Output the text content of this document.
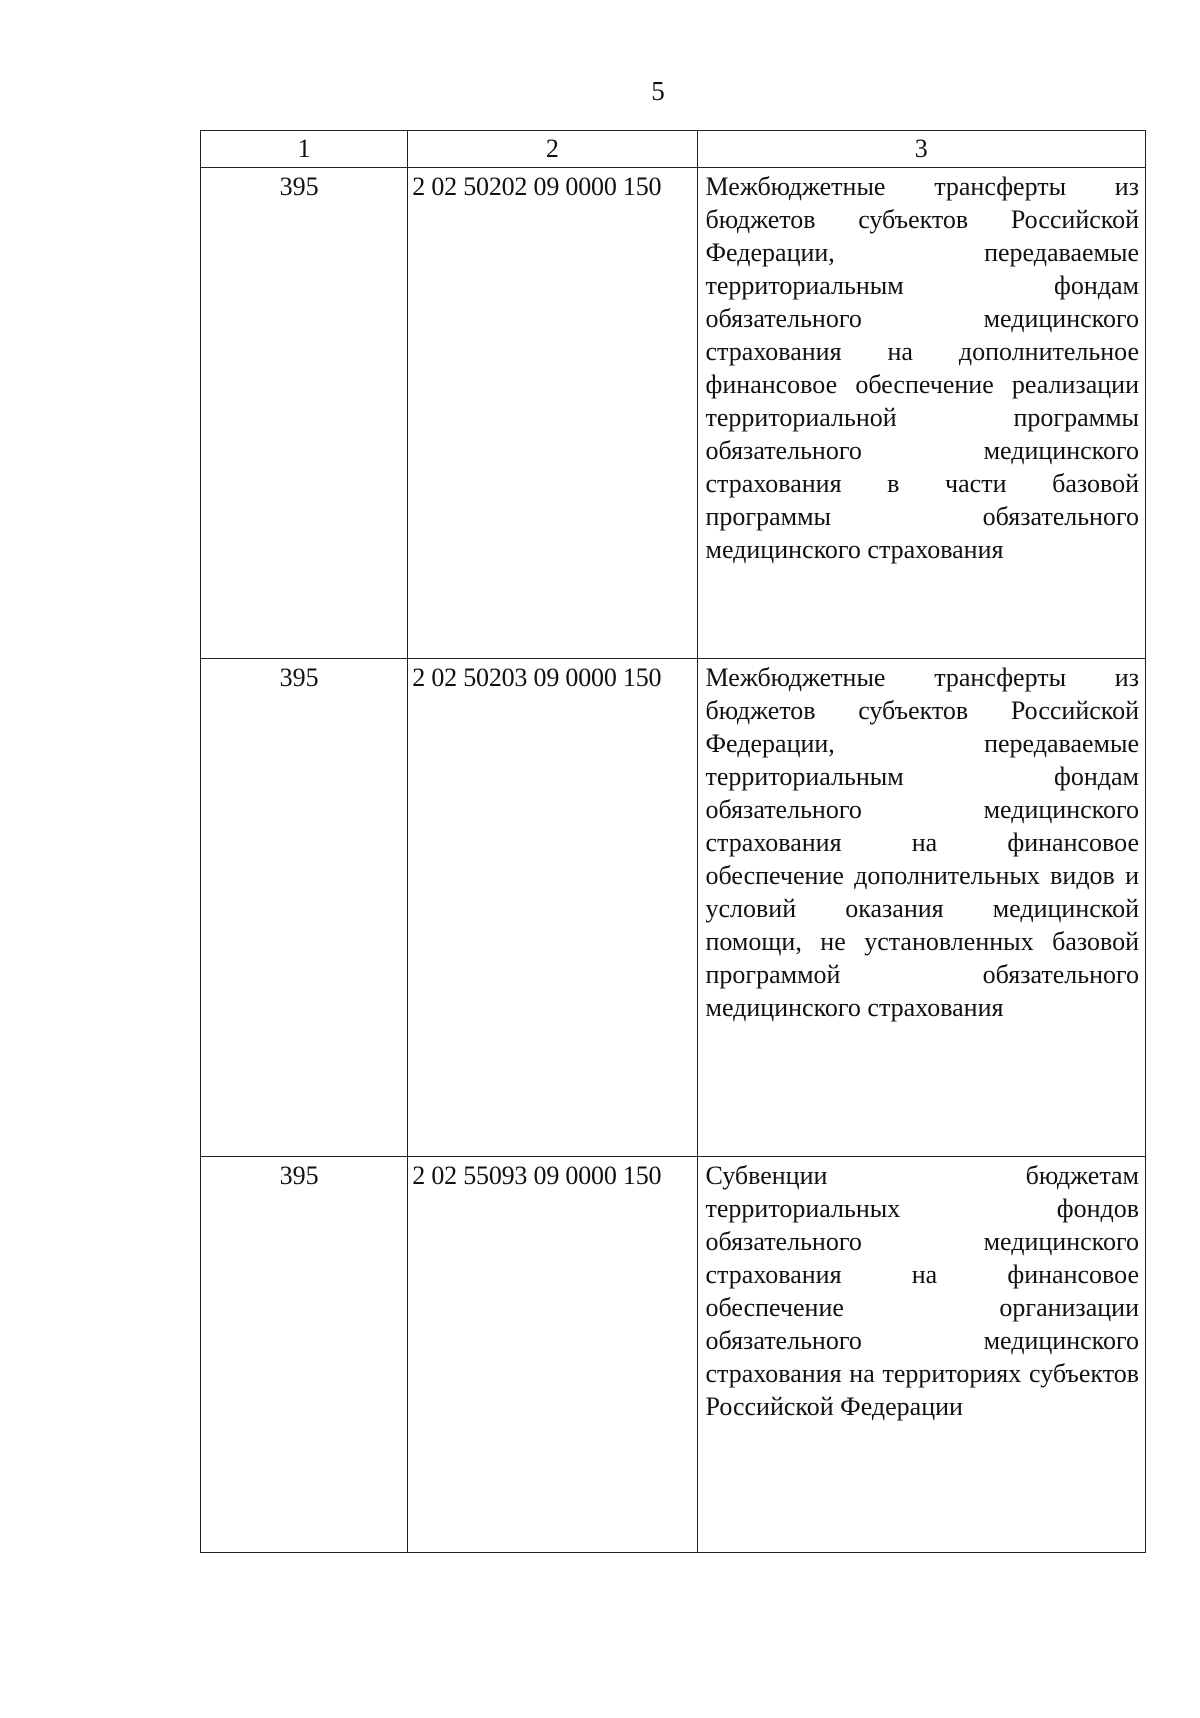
5
1	2	3
395	2 02 50202 09 0000 150	Межбюджетные трансферты из бюджетов субъектов Российской Федерации, передаваемые территориальным фондам обязательного медицинского страхования на дополнительное финансовое обеспечение реализации территориальной программы обязательного медицинского страхования в части базовой программы обязательного медицинского страхования

395	2 02 50203 09 0000 150	Межбюджетные трансферты из бюджетов субъектов Российской Федерации, передаваемые территориальным фондам обязательного медицинского страхования на финансовое обеспечение дополнительных видов и условий оказания медицинской помощи, не установленных базовой программой обязательного медицинского страхования

395	2 02 55093 09 0000 150	Субвенции бюджетам территориальных фондов обязательного медицинского страхования на финансовое обеспечение организации обязательного медицинского страхования на территориях субъектов Российской Федерации
